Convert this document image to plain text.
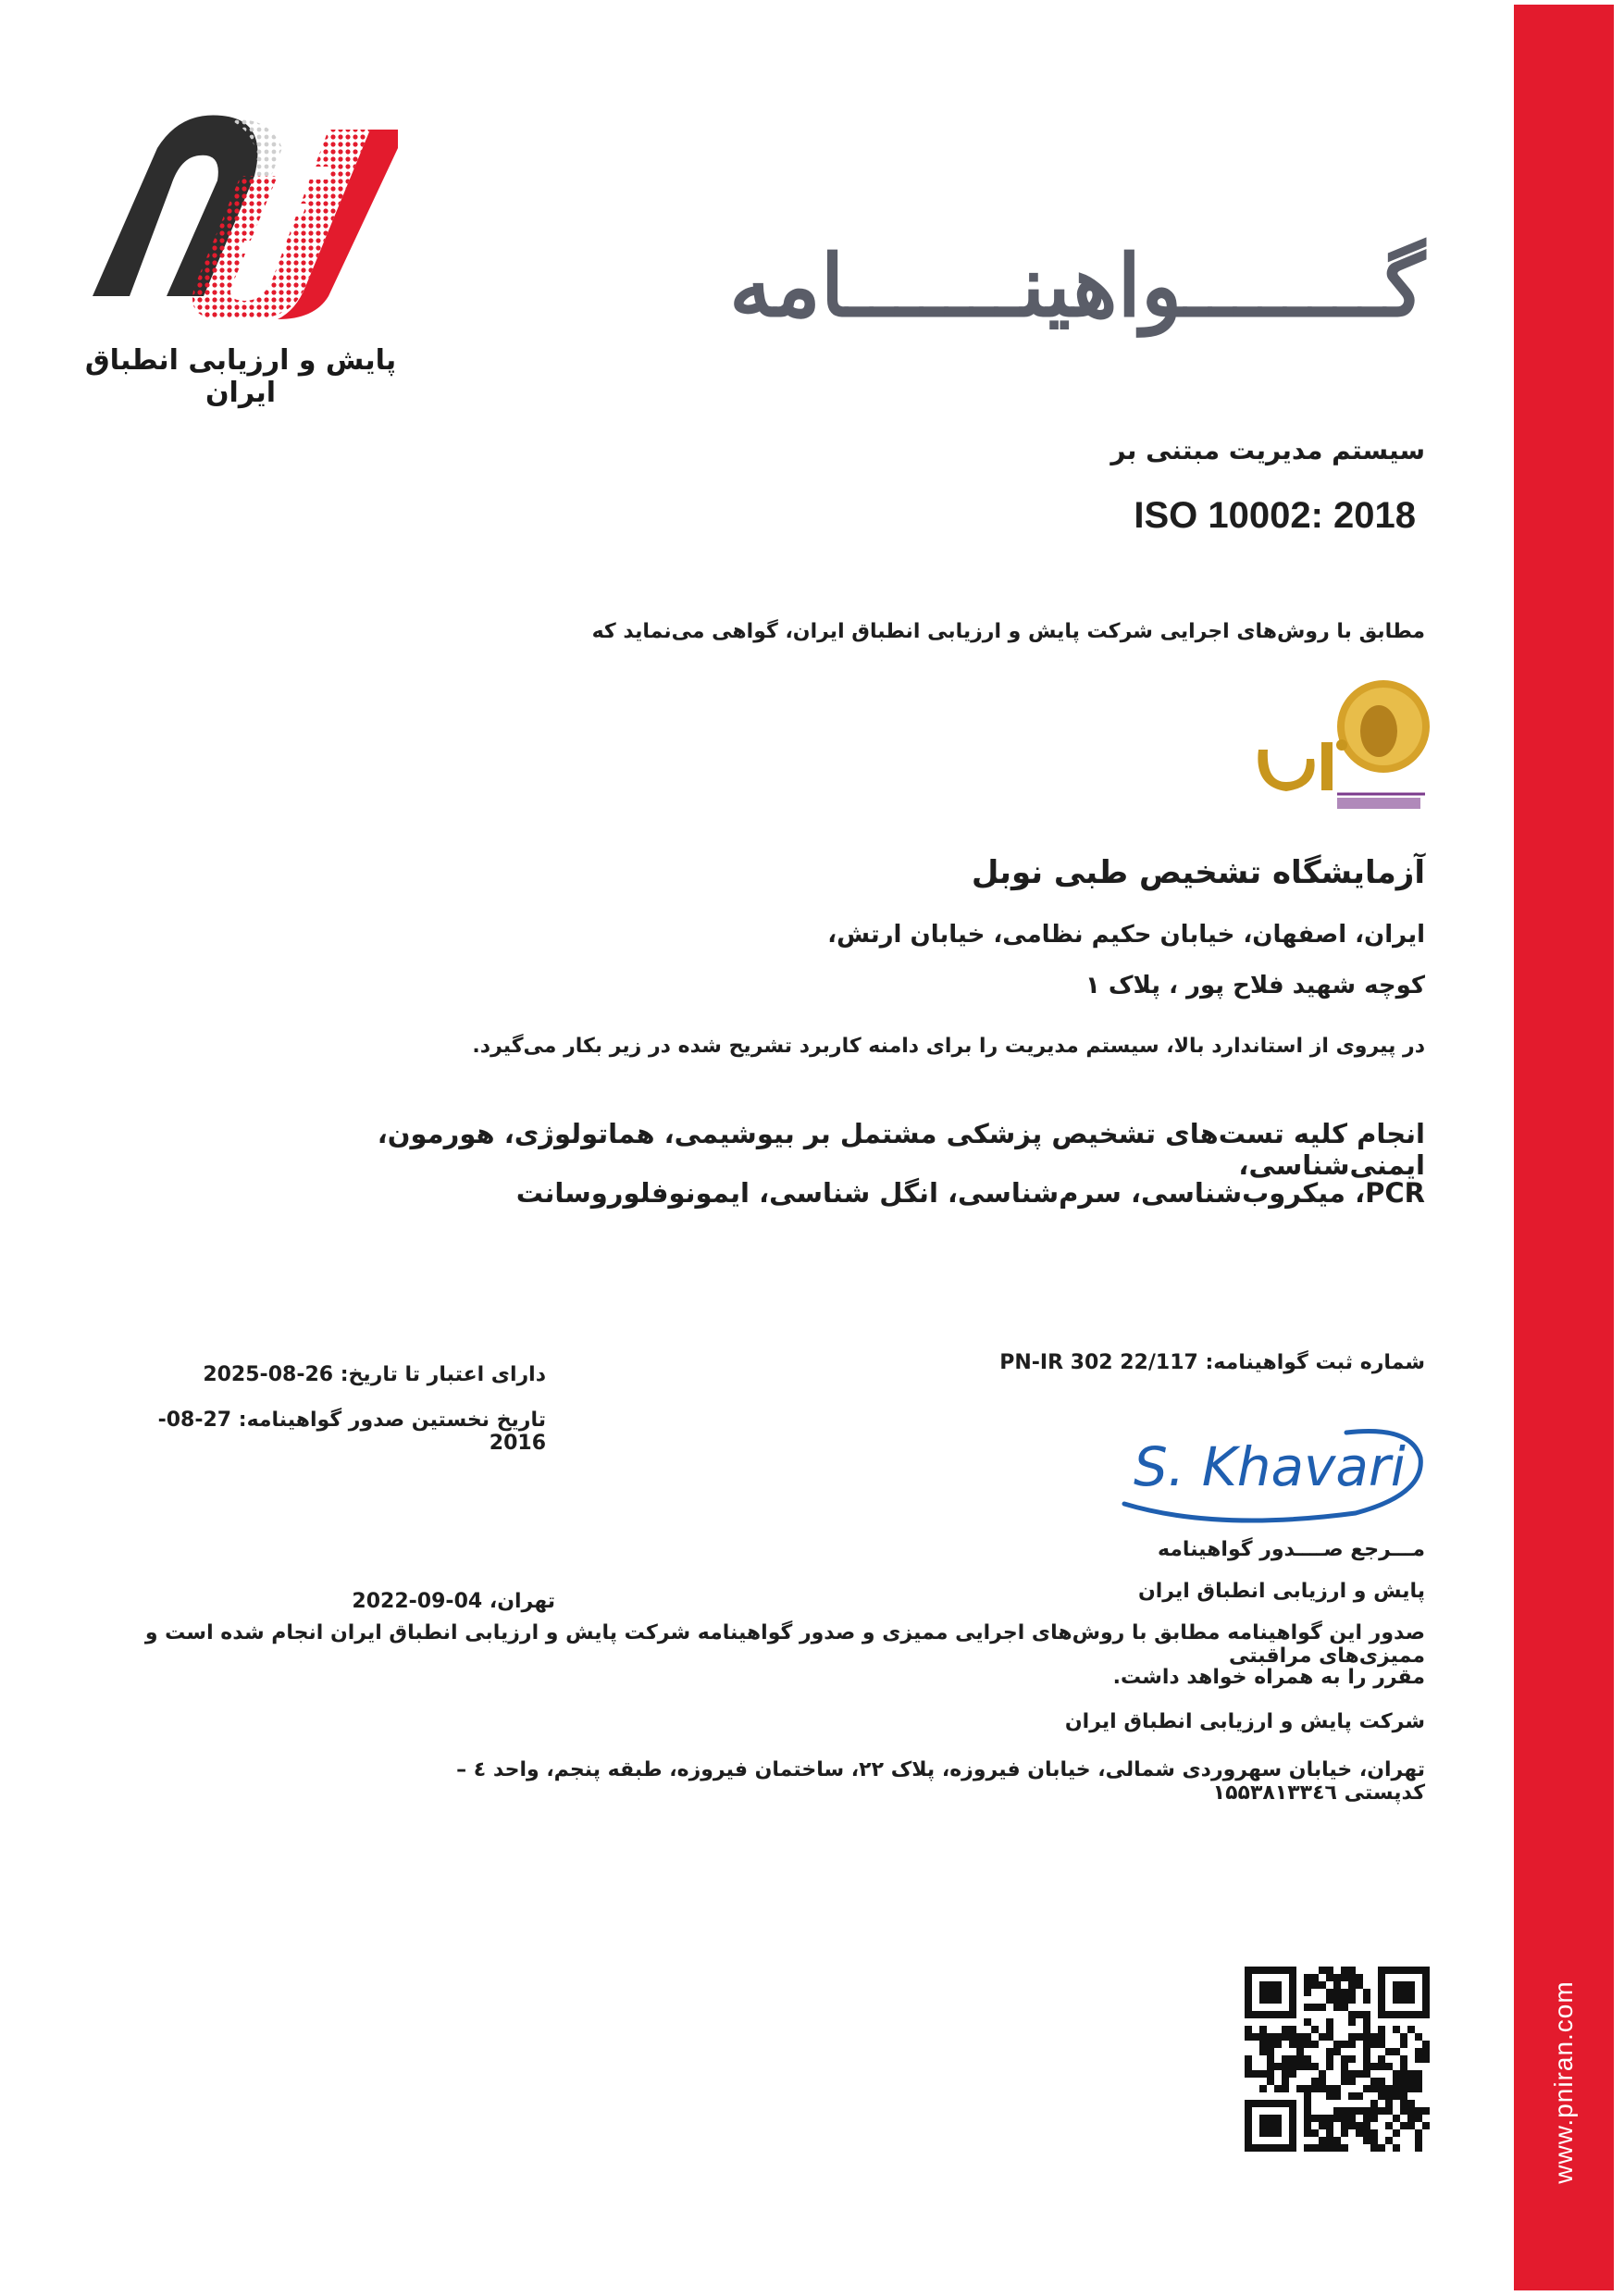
www.pniran.com
پایش و ارزیابی انطباق ایران
گــــــــواهینـــــــامه
سیستم مدیریت مبتنی بر
ISO 10002: 2018
مطابق با روش‌های اجرایی شرکت پایش و ارزیابی انطباق ایران، گواهی می‌نماید که
آزمایشگاه تشخیص طبی نوبل
ایران، اصفهان، خیابان حکیم نظامی، خیابان ارتش،
کوچه شهید فلاح پور ، پلاک ۱
در پیروی از استاندارد بالا، سیستم مدیریت را برای دامنه کاربرد تشریح شده در زیر بکار می‌گیرد.
انجام کلیه تست‌های تشخیص پزشکی مشتمل بر بیوشیمی، هماتولوژی، هورمون، ایمنی‌شناسی،
PCR، میکروب‌شناسی، سرم‌شناسی، انگل شناسی، ایمونوفلوروسانت
دارای اعتبار تا تاریخ: 26-08-2025
تاریخ نخستین صدور گواهینامه: 27-08-2016
شماره ثبت گواهینامه: PN-IR 302 22/117
S. Khavari
مـــرجع صــــدور گواهینامه
پایش و ارزیابی انطباق ایران
تهران، 04-09-2022
صدور این گواهینامه مطابق با روش‌های اجرایی ممیزی و صدور گواهینامه شرکت پایش و ارزیابی انطباق ایران انجام شده است و ممیزی‌های مراقبتی
مقرر را به همراه خواهد داشت.
شرکت پایش و ارزیابی انطباق ایران
تهران، خیابان سهروردی شمالی، خیابان فیروزه، پلاک ۲۲، ساختمان فیروزه، طبقه پنجم، واحد ٤ – کدپستی ۱۵۵۳۸۱۳۳٤٦
